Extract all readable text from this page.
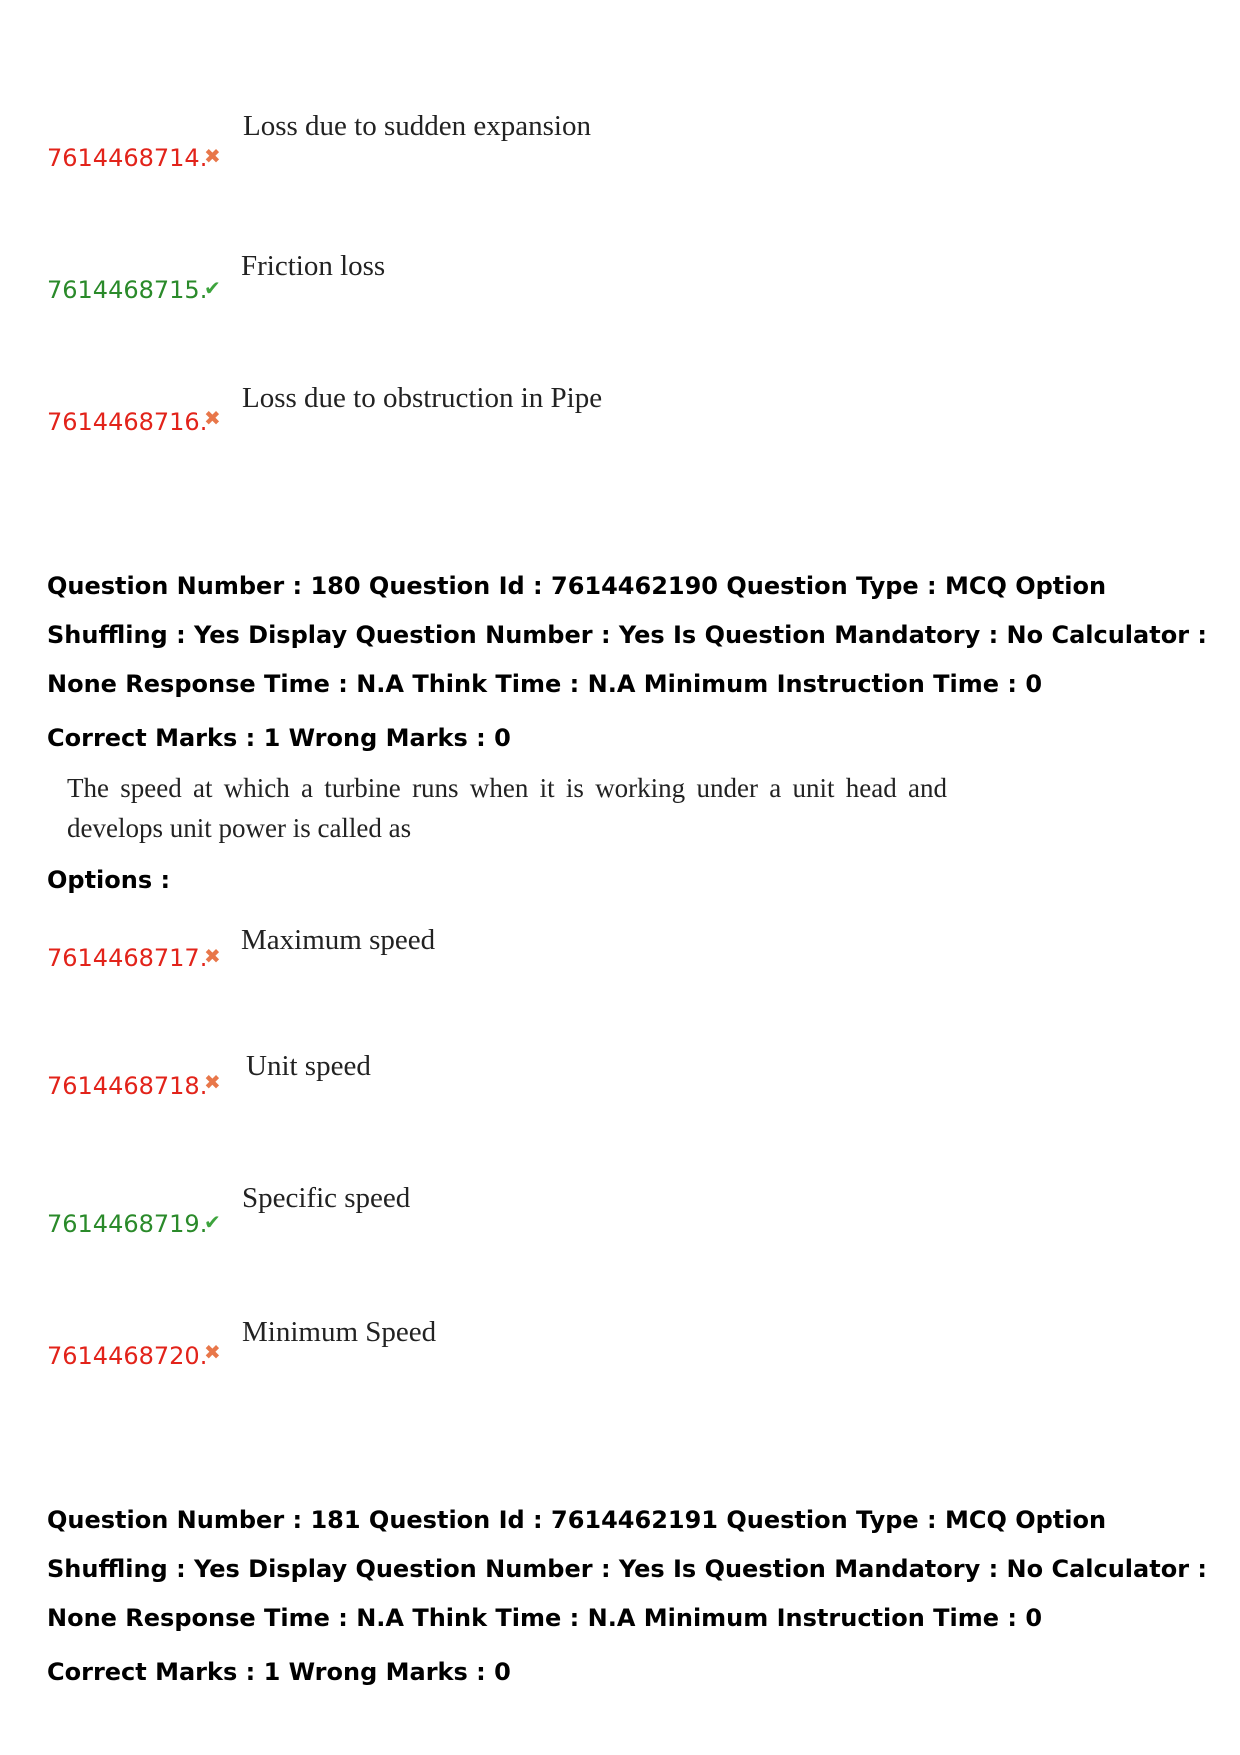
7614468714.
✖
Loss due to sudden expansion
7614468715.
✔
Friction loss
7614468716.
✖
Loss due to obstruction in Pipe
Question Number : 180 Question Id : 7614462190 Question Type : MCQ Option Shuffling : Yes Display Question Number : Yes Is Question Mandatory : No Calculator : None Response Time : N.A Think Time : N.A Minimum Instruction Time : 0
Correct Marks : 1 Wrong Marks : 0
The speed at which a turbine runs when it is working under a unit head and
develops unit power is called as
Options :
7614468717.
✖ Maximum speed
7614468718.
✖ Unit speed
7614468719.
✔
Specific speed
7614468720.
✖
Minimum Speed
Question Number : 181 Question Id : 7614462191 Question Type : MCQ Option Shuffling : Yes Display Question Number : Yes Is Question Mandatory : No Calculator : None Response Time : N.A Think Time : N.A Minimum Instruction Time : 0
Correct Marks : 1 Wrong Marks : 0
